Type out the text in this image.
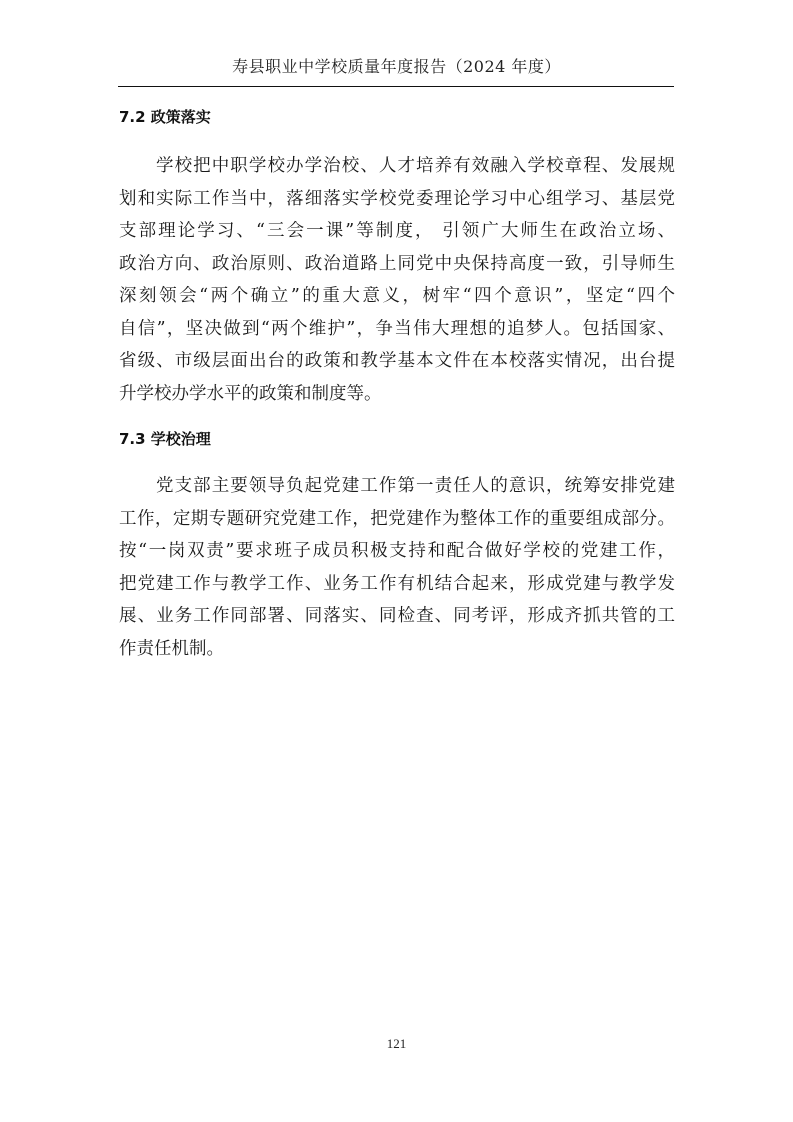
寿县职业中学校质量年度报告（2024 年度）
7.2 政策落实
学校把中职学校办学治校、人才培养有效融入学校章程、发展规
划和实际工作当中，落细落实学校党委理论学习中心组学习、基层党
支部理论学习、“三会一课”等制度， 引领广大师生在政治立场、
政治方向、政治原则、政治道路上同党中央保持高度一致，引导师生
深刻领会“两个确立”的重大意义，树牢“四个意识”，坚定“四个
自信”，坚决做到“两个维护”，争当伟大理想的追梦人。包括国家、
省级、市级层面出台的政策和教学基本文件在本校落实情况，出台提
升学校办学水平的政策和制度等。
7.3 学校治理
党支部主要领导负起党建工作第一责任人的意识，统筹安排党建
工作，定期专题研究党建工作，把党建作为整体工作的重要组成部分。
按“一岗双责”要求班子成员积极支持和配合做好学校的党建工作，
把党建工作与教学工作、业务工作有机结合起来，形成党建与教学发
展、业务工作同部署、同落实、同检查、同考评，形成齐抓共管的工
作责任机制。
121
